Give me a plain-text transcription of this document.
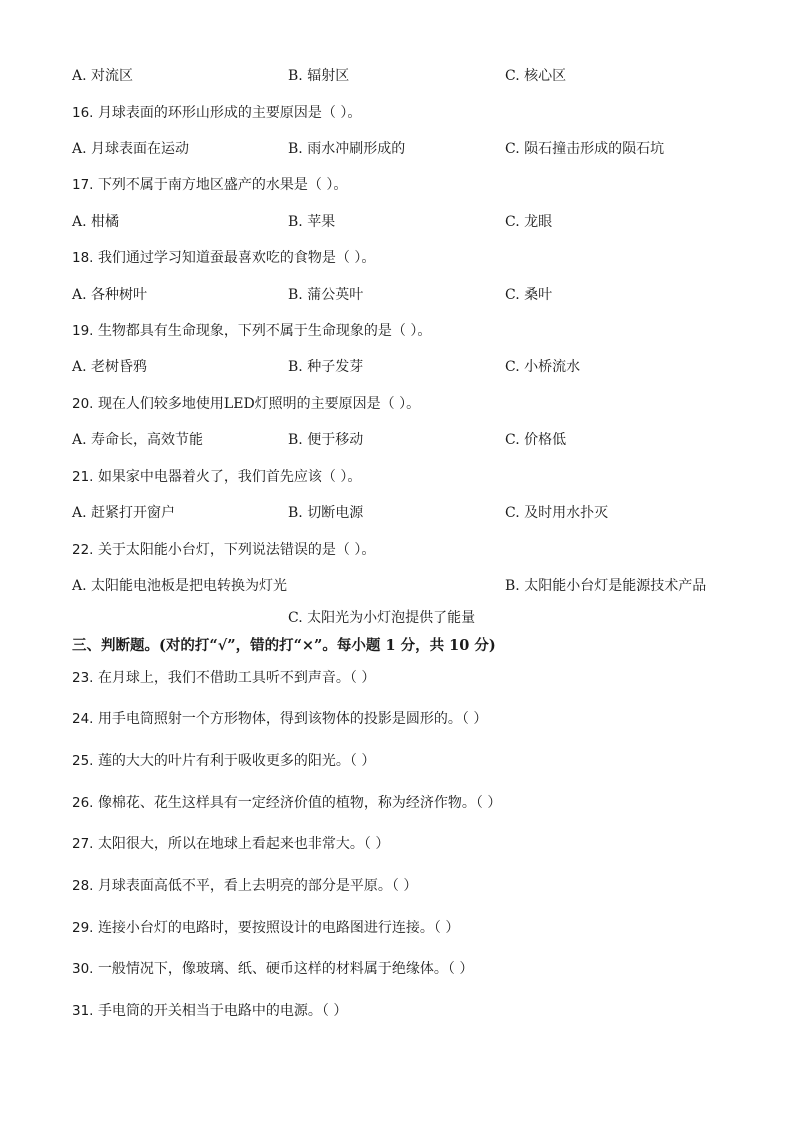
A. 对流区	B. 辐射区	C. 核心区
16. 月球表面的环形山形成的主要原因是（ ）。
A. 月球表面在运动	B. 雨水冲刷形成的	C. 陨石撞击形成的陨石坑
17. 下列不属于南方地区盛产的水果是（ ）。
A. 柑橘	B. 苹果	C. 龙眼
18. 我们通过学习知道蚕最喜欢吃的食物是（ ）。
A. 各种树叶	B. 蒲公英叶	C. 桑叶
19. 生物都具有生命现象，下列不属于生命现象的是（ ）。
A. 老树昏鸦	B. 种子发芽	C. 小桥流水
20. 现在人们较多地使用LED灯照明的主要原因是（ ）。
A. 寿命长，高效节能	B. 便于移动	C. 价格低
21. 如果家中电器着火了，我们首先应该（ ）。
A. 赶紧打开窗户	B. 切断电源	C. 及时用水扑灭
22. 关于太阳能小台灯，下列说法错误的是（ ）。
A. 太阳能电池板是把电转换为灯光	B. 太阳能小台灯是能源技术产品
C. 太阳光为小灯泡提供了能量
三、判断题。(对的打“√”，错的打“×”。每小题 1 分，共 10 分)
23. 在月球上，我们不借助工具听不到声音。（ ）
24. 用手电筒照射一个方形物体，得到该物体的投影是圆形的。（ ）
25. 莲的大大的叶片有利于吸收更多的阳光。（ ）
26. 像棉花、花生这样具有一定经济价值的植物，称为经济作物。（ ）
27. 太阳很大，所以在地球上看起来也非常大。（ ）
28. 月球表面高低不平，看上去明亮的部分是平原。（ ）
29. 连接小台灯的电路时，要按照设计的电路图进行连接。（ ）
30. 一般情况下，像玻璃、纸、硬币这样的材料属于绝缘体。（ ）
31. 手电筒的开关相当于电路中的电源。（ ）
